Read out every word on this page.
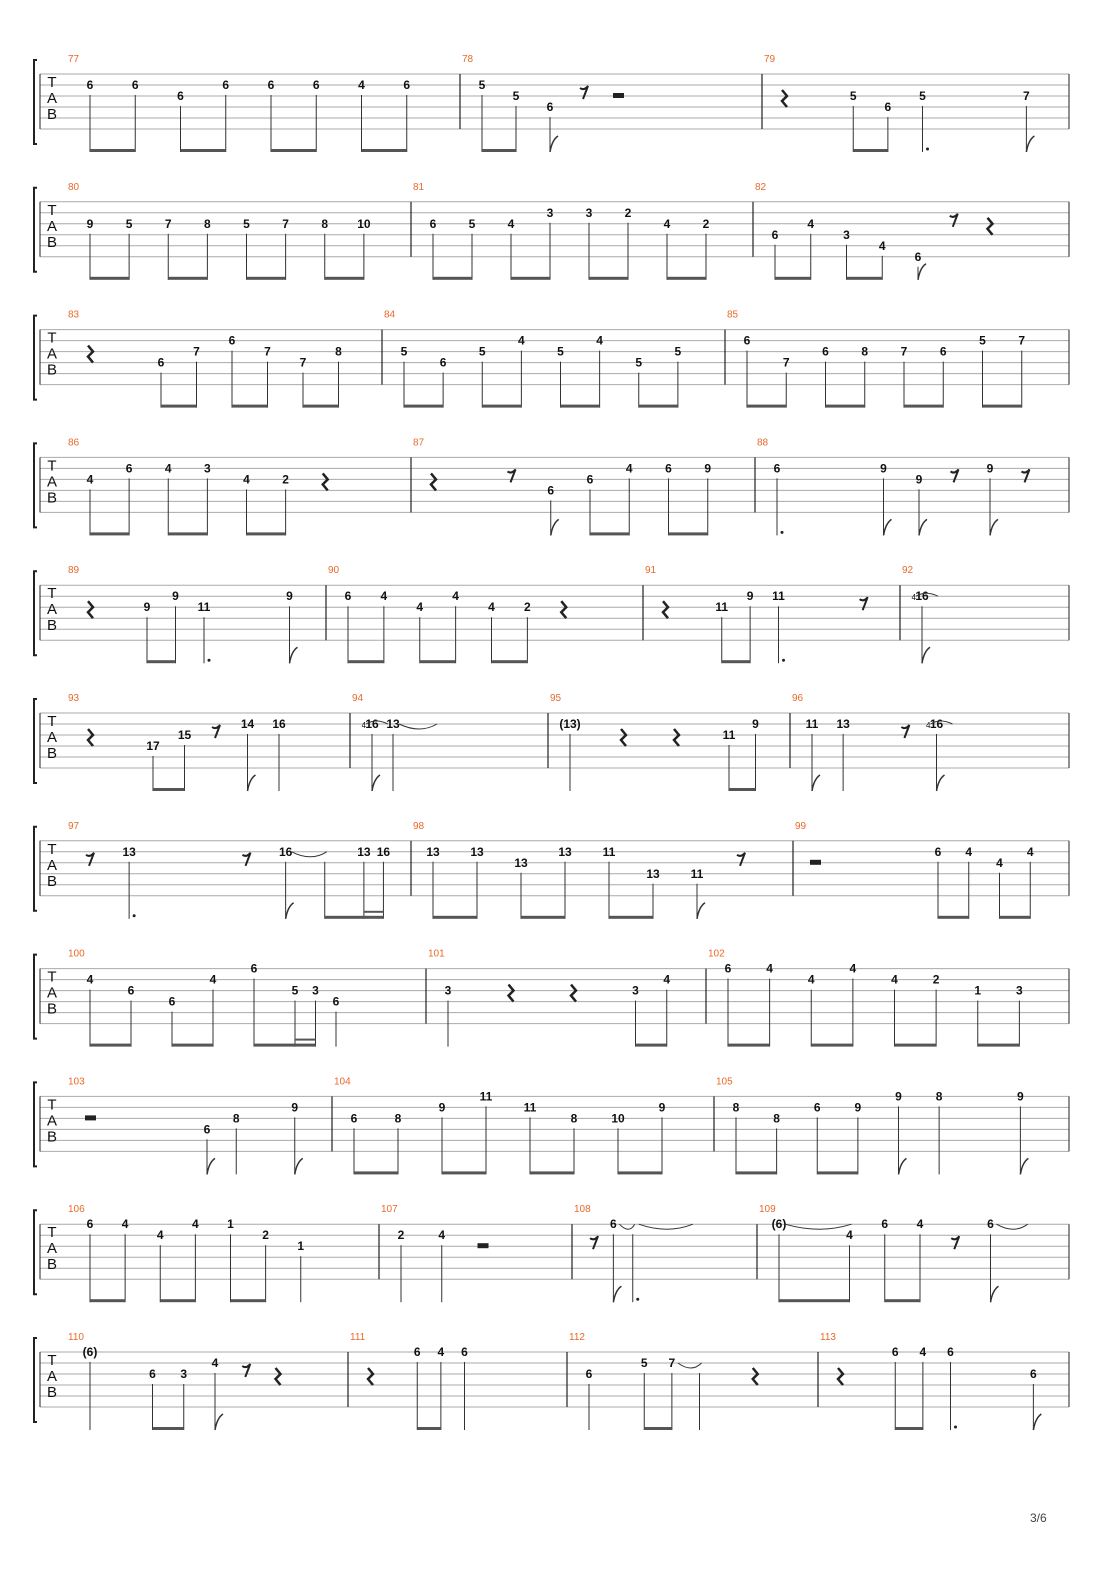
T
A
B
77
6	6
6
6	6	6	4	6
78
5
5
6
79
5
6
5	7
T
A
B
80
9	5	7	8	5	7	8 10
81
6	5	4
3	3	2
4	2
82
6
4
3
4
6
T
A
B
83
6
7
6
7
7
8
84
5
6
5
4
5
4
5
5
85
6
7
6	8	7	6
5	7
T
A
B
86
4
6	4	3
4	2
87
6
6
4	6	9
88
6	9
9
9
T
A
B
89
9
9
11
9
90
6 4
4
4
4 2
91
11
9 11
92
16
4
T
A
B
93
17
15
14 16
94
16
4 13
95
(13)
11
9
96
11 13	16
4
T
A
B
97
13	16	13 16
98
13	13
13
13	11
13	11
99
6 4
4
4
T
A
B
100
4
6
6
4
6
5 3
6
101
3	3
4
102
6	4
4
4
4	2
1	3
T
A
B
103
6
8
9
104
6	8
9
11
11
8	10
9
105
8
8
6	9
9	8	9
T
A
B
106
6 4
4
4 1
2
1
107
2	4
108
6
109
(6)
4
6 4	6
T
A
B
110
(6)
6 3
4
111
6 4 6
112
6
5 7
113
6 4 6
6
3/6
